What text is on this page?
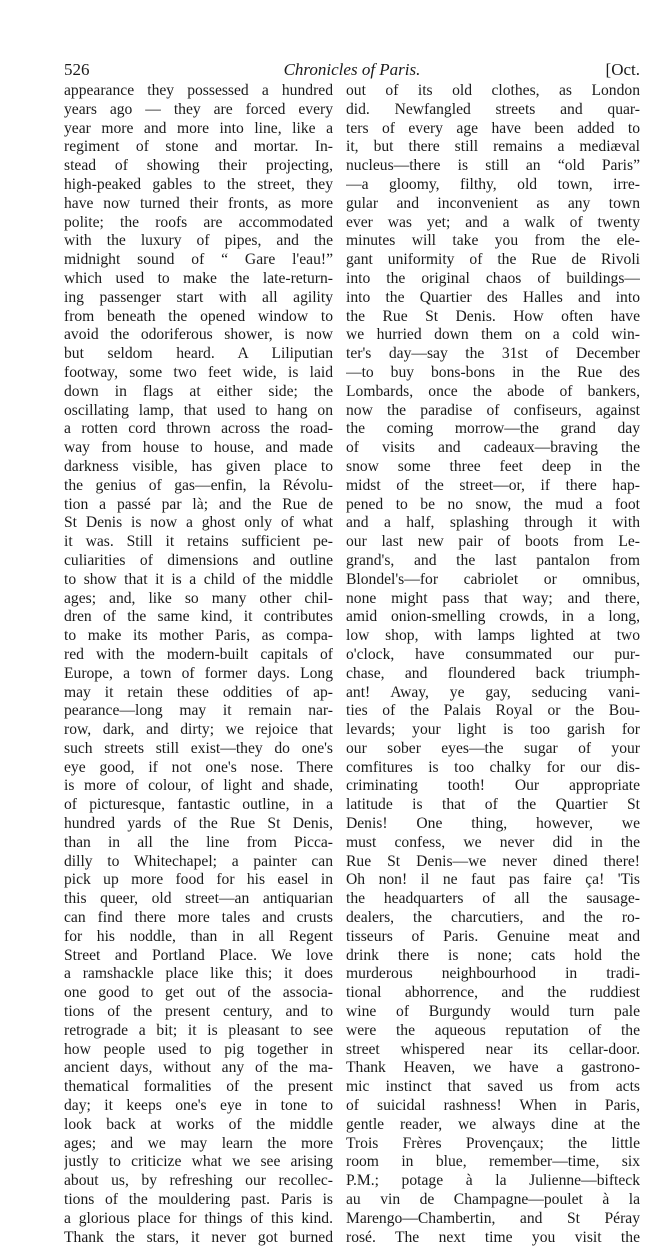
526	Chronicles of Paris.	[Oct.
appearance they possessed a hundred
years ago — they are forced every
year more and more into line, like a
regiment of stone and mortar. In-
stead of showing their projecting,
high-peaked gables to the street, they
have now turned their fronts, as more
polite; the roofs are accommodated
with the luxury of pipes, and the
midnight sound of “ Gare l'eau!”
which used to make the late-return-
ing passenger start with all agility
from beneath the opened window to
avoid the odoriferous shower, is now
but seldom heard. A Liliputian
footway, some two feet wide, is laid
down in flags at either side; the
oscillating lamp, that used to hang on
a rotten cord thrown across the road-
way from house to house, and made
darkness visible, has given place to
the genius of gas—enfin, la Révolu-
tion a passé par là; and the Rue de
St Denis is now a ghost only of what
it was. Still it retains sufficient pe-
culiarities of dimensions and outline
to show that it is a child of the middle
ages; and, like so many other chil-
dren of the same kind, it contributes
to make its mother Paris, as compa-
red with the modern-built capitals of
Europe, a town of former days. Long
may it retain these oddities of ap-
pearance—long may it remain nar-
row, dark, and dirty; we rejoice that
such streets still exist—they do one's
eye good, if not one's nose. There
is more of colour, of light and shade,
of picturesque, fantastic outline, in a
hundred yards of the Rue St Denis,
than in all the line from Picca-
dilly to Whitechapel; a painter can
pick up more food for his easel in
this queer, old street—an antiquarian
can find there more tales and crusts
for his noddle, than in all Regent
Street and Portland Place. We love
a ramshackle place like this; it does
one good to get out of the associa-
tions of the present century, and to
retrograde a bit; it is pleasant to see
how people used to pig together in
ancient days, without any of the ma-
thematical formalities of the present
day; it keeps one's eye in tone to
look back at works of the middle
ages; and we may learn the more
justly to criticize what we see arising
about us, by refreshing our recollec-
tions of the mouldering past. Paris is
a glorious place for things of this kind.
Thank the stars, it never got burned
out of its old clothes, as London
did. Newfangled streets and quar-
ters of every age have been added to
it, but there still remains a mediæval
nucleus—there is still an “old Paris”
—a gloomy, filthy, old town, irre-
gular and inconvenient as any town
ever was yet; and a walk of twenty
minutes will take you from the ele-
gant uniformity of the Rue de Rivoli
into the original chaos of buildings—
into the Quartier des Halles and into
the Rue St Denis. How often have
we hurried down them on a cold win-
ter's day—say the 31st of December
—to buy bons-bons in the Rue des
Lombards, once the abode of bankers,
now the paradise of confiseurs, against
the coming morrow—the grand day
of visits and cadeaux—braving the
snow some three feet deep in the
midst of the street—or, if there hap-
pened to be no snow, the mud a foot
and a half, splashing through it with
our last new pair of boots from Le-
grand's, and the last pantalon from
Blondel's—for cabriolet or omnibus,
none might pass that way; and there,
amid onion-smelling crowds, in a long,
low shop, with lamps lighted at two
o'clock, have consummated our pur-
chase, and floundered back triumph-
ant! Away, ye gay, seducing vani-
ties of the Palais Royal or the Bou-
levards; your light is too garish for
our sober eyes—the sugar of your
comfitures is too chalky for our dis-
criminating tooth! Our appropriate
latitude is that of the Quartier St
Denis! One thing, however, we
must confess, we never did in the
Rue St Denis—we never dined there!
Oh non! il ne faut pas faire ça! 'Tis
the headquarters of all the sausage-
dealers, the charcutiers, and the ro-
tisseurs of Paris. Genuine meat and
drink there is none; cats hold the
murderous neighbourhood in tradi-
tional abhorrence, and the ruddiest
wine of Burgundy would turn pale
were the aqueous reputation of the
street whispered near its cellar-door.
Thank Heaven, we have a gastrono-
mic instinct that saved us from acts
of suicidal rashness! When in Paris,
gentle reader, we always dine at the
Trois Frères Provençaux; the little
room in blue, remember—time, six
P.M.; potage à la Julienne—bifteck
au vin de Champagne—poulet à la
Marengo—Chambertin, and St Péray
rosé. The next time you visit the
